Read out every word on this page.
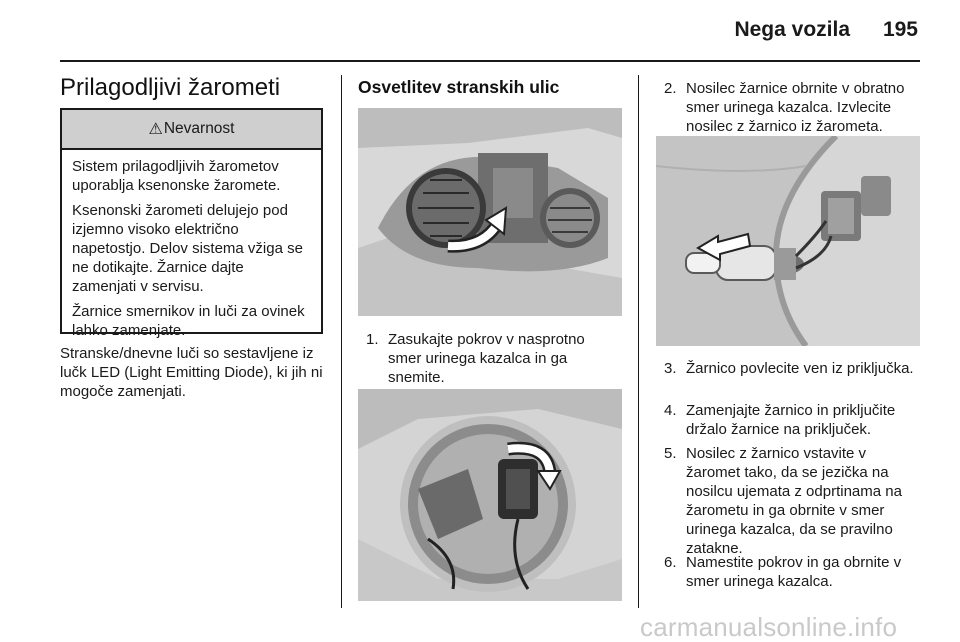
Nega vozila	195
Prilagodljivi žarometi
⚠ Nevarnost

Sistem prilagodljivih žarometov uporablja ksenonske žaromete.

Ksenonski žarometi delujejo pod izjemno visoko električno napetostjo. Delov sistema vžiga se ne dotikajte. Žarnice dajte zamenjati v servisu.

Žarnice smernikov in luči za ovinek lahko zamenjate.

Stranske/dnevne luči so sestavljene iz lučk LED (Light Emitting Diode), ki jih ni mogoče zamenjati.
Osvetlitev stranskih ulic
1. Zasukajte pokrov v nasprotno smer urinega kazalca in ga snemite.
2. Nosilec žarnice obrnite v obratno smer urinega kazalca. Izvlecite nosilec z žarnico iz žarometa.
3. Žarnico povlecite ven iz priključka.
4. Zamenjajte žarnico in priključite držalo žarnice na priključek.
5. Nosilec z žarnico vstavite v žaromet tako, da se jezička na nosilcu ujemata z odprtinama na žarometu in ga obrnite v smer urinega kazalca, da se pravilno zatakne.
6. Namestite pokrov in ga obrnite v smer urinega kazalca.
carmanualsonline.info
